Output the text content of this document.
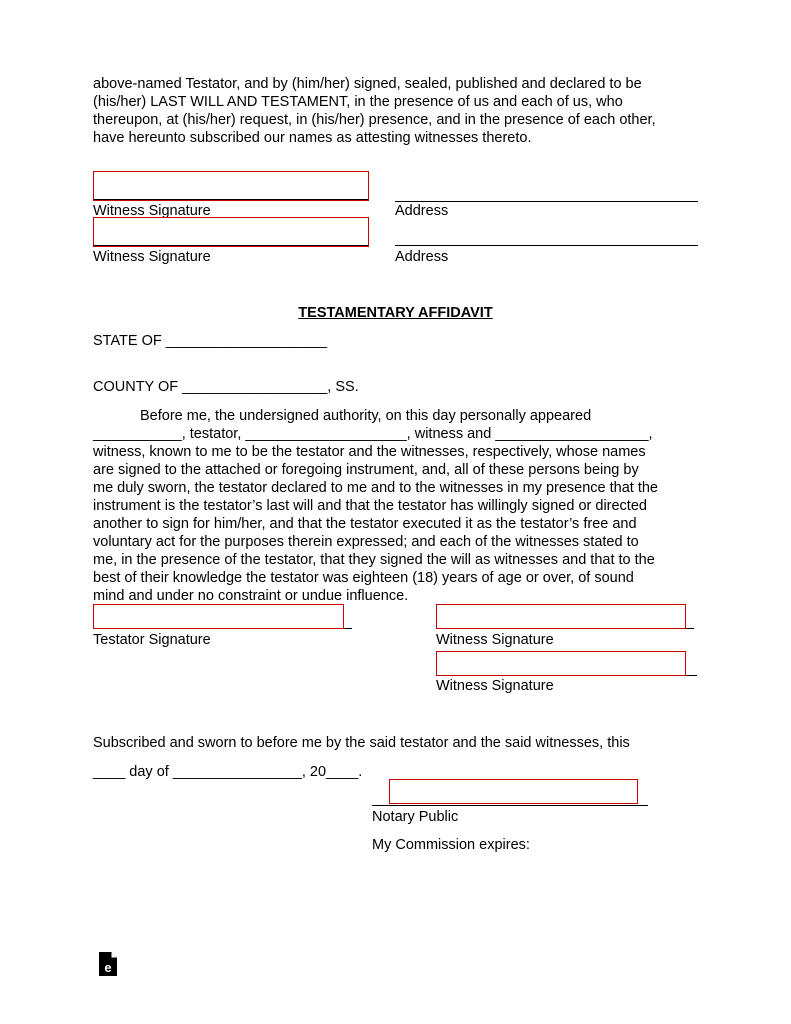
above-named Testator, and by (him/her) signed, sealed, published and declared to be
(his/her) LAST WILL AND TESTAMENT, in the presence of us and each of us, who
thereupon, at (his/her) request, in (his/her) presence, and in the presence of each other,
have hereunto subscribed our names as attesting witnesses thereto.
Witness Signature	Address
Witness Signature	Address
TESTAMENTARY AFFIDAVIT
STATE OF ____________________
COUNTY OF __________________, SS.
Before me, the undersigned authority, on this day personally appeared
___________, testator, ____________________, witness and ___________________,
witness, known to me to be the testator and the witnesses, respectively, whose names
are signed to the attached or foregoing instrument, and, all of these persons being by
me duly sworn, the testator declared to me and to the witnesses in my presence that the
instrument is the testator’s last will and that the testator has willingly signed or directed
another to sign for him/her, and that the testator executed it as the testator’s free and
voluntary act for the purposes therein expressed; and each of the witnesses stated to
me, in the presence of the testator, that they signed the will as witnesses and that to the
best of their knowledge the testator was eighteen (18) years of age or over, of sound
mind and under no constraint or undue influence.
Testator Signature	Witness Signature
Witness Signature
Subscribed and sworn to before me by the said testator and the said witnesses, this
____ day of ________________, 20____.
Notary Public
My Commission expires:
e
